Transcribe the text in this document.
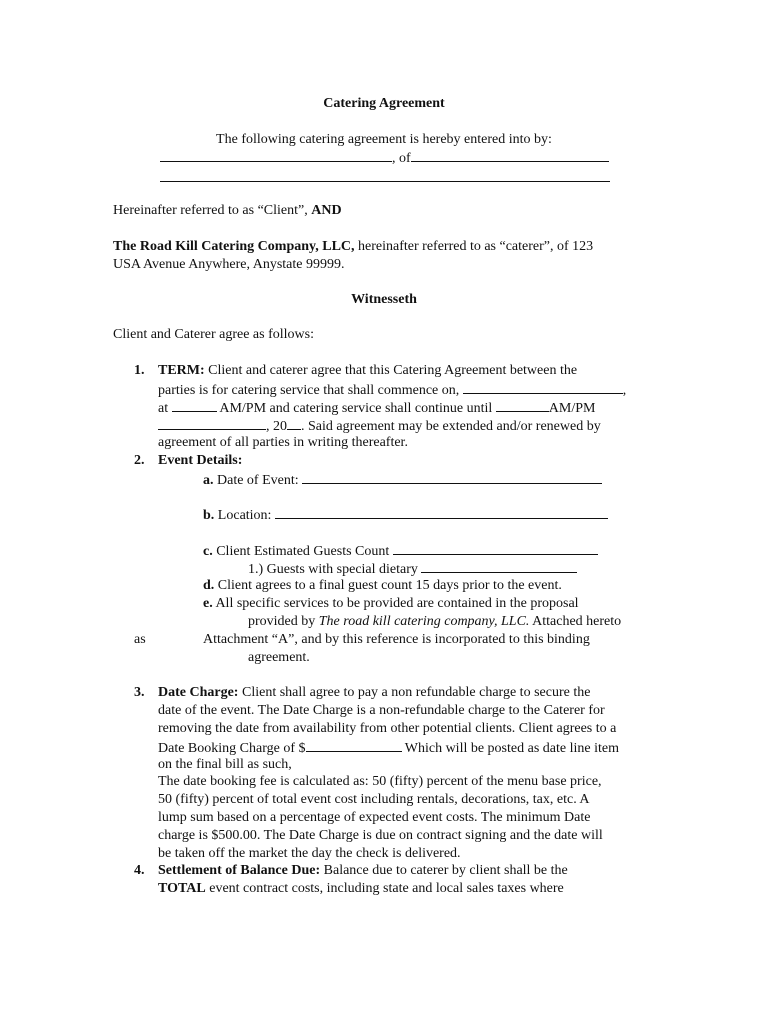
Catering Agreement
The following catering agreement is hereby entered into by:
, of
Hereinafter referred to as “Client”, AND
The Road Kill Catering Company, LLC, hereinafter referred to as “caterer”, of 123
USA Avenue Anywhere, Anystate 99999.
Witnesseth
Client and Caterer agree as follows:
1. TERM: Client and caterer agree that this Catering Agreement between the
parties is for catering service that shall commence on,	,
at	AM/PM and catering service shall continue until	AM/PM
, 20 . Said agreement may be extended and/or renewed by
agreement of all parties in writing thereafter.
2. Event Details:
a. Date of Event:
b. Location:
c. Client Estimated Guests Count
1.) Guests with special dietary
d. Client agrees to a final guest count 15 days prior to the event.
e. All specific services to be provided are contained in the proposal
provided by The road kill catering company, LLC. Attached hereto
as	Attachment “A”, and by this reference is incorporated to this binding
agreement.
3. Date Charge: Client shall agree to pay a non refundable charge to secure the
date of the event. The Date Charge is a non-refundable charge to the Caterer for
removing the date from availability from other potential clients. Client agrees to a
Date Booking Charge of $	Which will be posted as date line item
on the final bill as such,
The date booking fee is calculated as: 50 (fifty) percent of the menu base price,
50 (fifty) percent of total event cost including rentals, decorations, tax, etc. A
lump sum based on a percentage of expected event costs. The minimum Date
charge is $500.00. The Date Charge is due on contract signing and the date will
be taken off the market the day the check is delivered.
4. Settlement of Balance Due: Balance due to caterer by client shall be the
TOTAL event contract costs, including state and local sales taxes where
